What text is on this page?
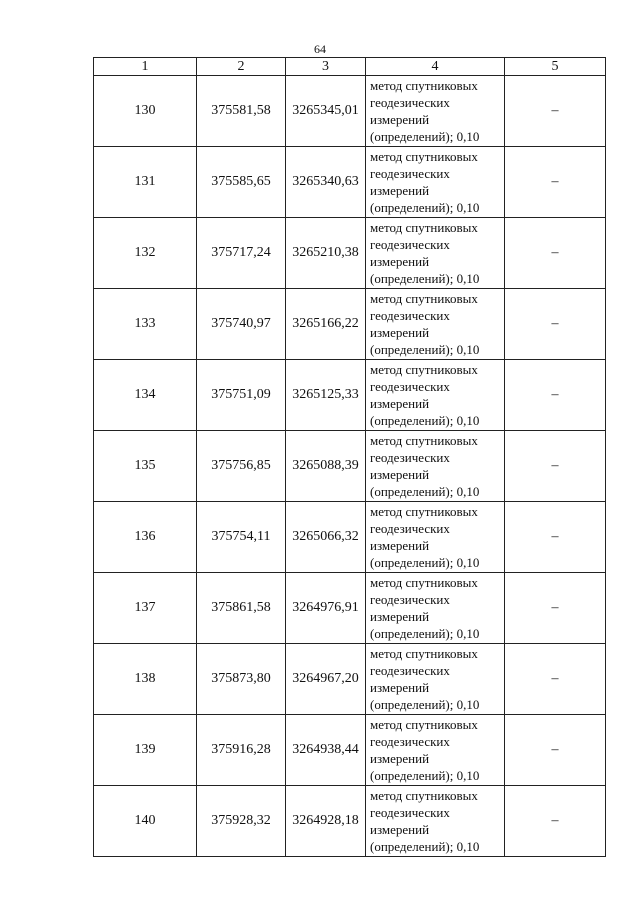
64
1	2	3	4	5
130	375581,58	3265345,01	метод спутниковых
геодезических
измерений
(определений); 0,10	–
131	375585,65	3265340,63	метод спутниковых
геодезических
измерений
(определений); 0,10	–
132	375717,24	3265210,38	метод спутниковых
геодезических
измерений
(определений); 0,10	–
133	375740,97	3265166,22	метод спутниковых
геодезических
измерений
(определений); 0,10	–
134	375751,09	3265125,33	метод спутниковых
геодезических
измерений
(определений); 0,10	–
135	375756,85	3265088,39	метод спутниковых
геодезических
измерений
(определений); 0,10	–
136	375754,11	3265066,32	метод спутниковых
геодезических
измерений
(определений); 0,10	–
137	375861,58	3264976,91	метод спутниковых
геодезических
измерений
(определений); 0,10	–
138	375873,80	3264967,20	метод спутниковых
геодезических
измерений
(определений); 0,10	–
139	375916,28	3264938,44	метод спутниковых
геодезических
измерений
(определений); 0,10	–
140	375928,32	3264928,18	метод спутниковых
геодезических
измерений
(определений); 0,10	–
